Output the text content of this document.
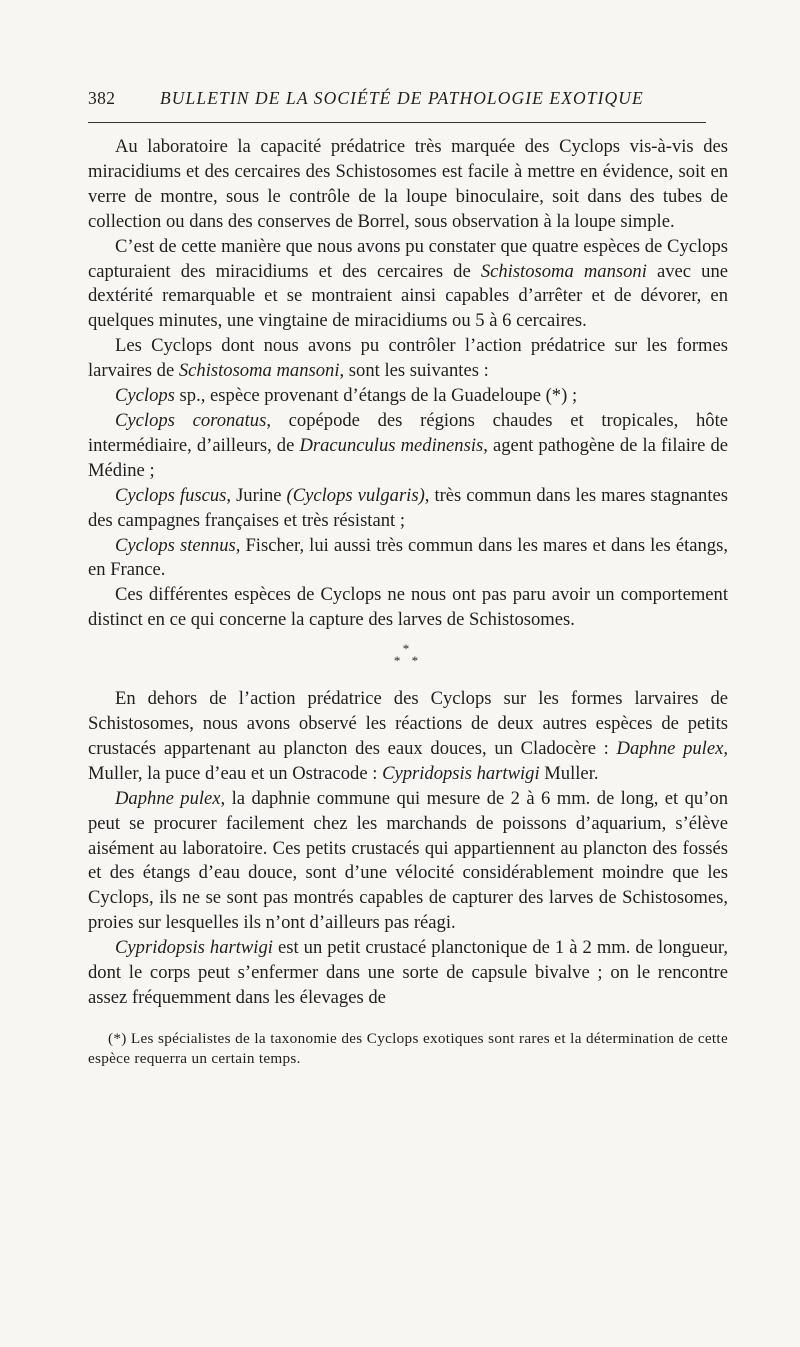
382	BULLETIN DE LA SOCIÉTÉ DE PATHOLOGIE EXOTIQUE

Au laboratoire la capacité prédatrice très marquée des Cyclops vis-à-vis des miracidiums et des cercaires des Schistosomes est facile à mettre en évidence, soit en verre de montre, sous le contrôle de la loupe binoculaire, soit dans des tubes de collection ou dans des conserves de Borrel, sous observation à la loupe simple.

C’est de cette manière que nous avons pu constater que quatre espèces de Cyclops capturaient des miracidiums et des cercaires de Schistosoma mansoni avec une dextérité remarquable et se montraient ainsi capables d’arrêter et de dévorer, en quelques minutes, une vingtaine de miracidiums ou 5 à 6 cercaires.

Les Cyclops dont nous avons pu contrôler l’action prédatrice sur les formes larvaires de Schistosoma mansoni, sont les suivantes :

Cyclops sp., espèce provenant d’étangs de la Guadeloupe (*) ;

Cyclops coronatus, copépode des régions chaudes et tropicales, hôte intermédiaire, d’ailleurs, de Dracunculus medinensis, agent pathogène de la filaire de Médine ;

Cyclops fuscus, Jurine (Cyclops vulgaris), très commun dans les mares stagnantes des campagnes françaises et très résistant ;

Cyclops stennus, Fischer, lui aussi très commun dans les mares et dans les étangs, en France.

Ces différentes espèces de Cyclops ne nous ont pas paru avoir un comportement distinct en ce qui concerne la capture des larves de Schistosomes.

*
* *

En dehors de l’action prédatrice des Cyclops sur les formes larvaires de Schistosomes, nous avons observé les réactions de deux autres espèces de petits crustacés appartenant au plancton des eaux douces, un Cladocère : Daphne pulex, Muller, la puce d’eau et un Ostracode : Cypridopsis hartwigi Muller.

Daphne pulex, la daphnie commune qui mesure de 2 à 6 mm. de long, et qu’on peut se procurer facilement chez les marchands de poissons d’aquarium, s’élève aisément au laboratoire. Ces petits crustacés qui appartiennent au plancton des fossés et des étangs d’eau douce, sont d’une vélocité considérablement moindre que les Cyclops, ils ne se sont pas montrés capables de capturer des larves de Schistosomes, proies sur lesquelles ils n’ont d’ailleurs pas réagi.

Cypridopsis hartwigi est un petit crustacé planctonique de 1 à 2 mm. de longueur, dont le corps peut s’enfermer dans une sorte de capsule bivalve ; on le rencontre assez fréquemment dans les élevages de

(*) Les spécialistes de la taxonomie des Cyclops exotiques sont rares et la détermination de cette espèce requerra un certain temps.
